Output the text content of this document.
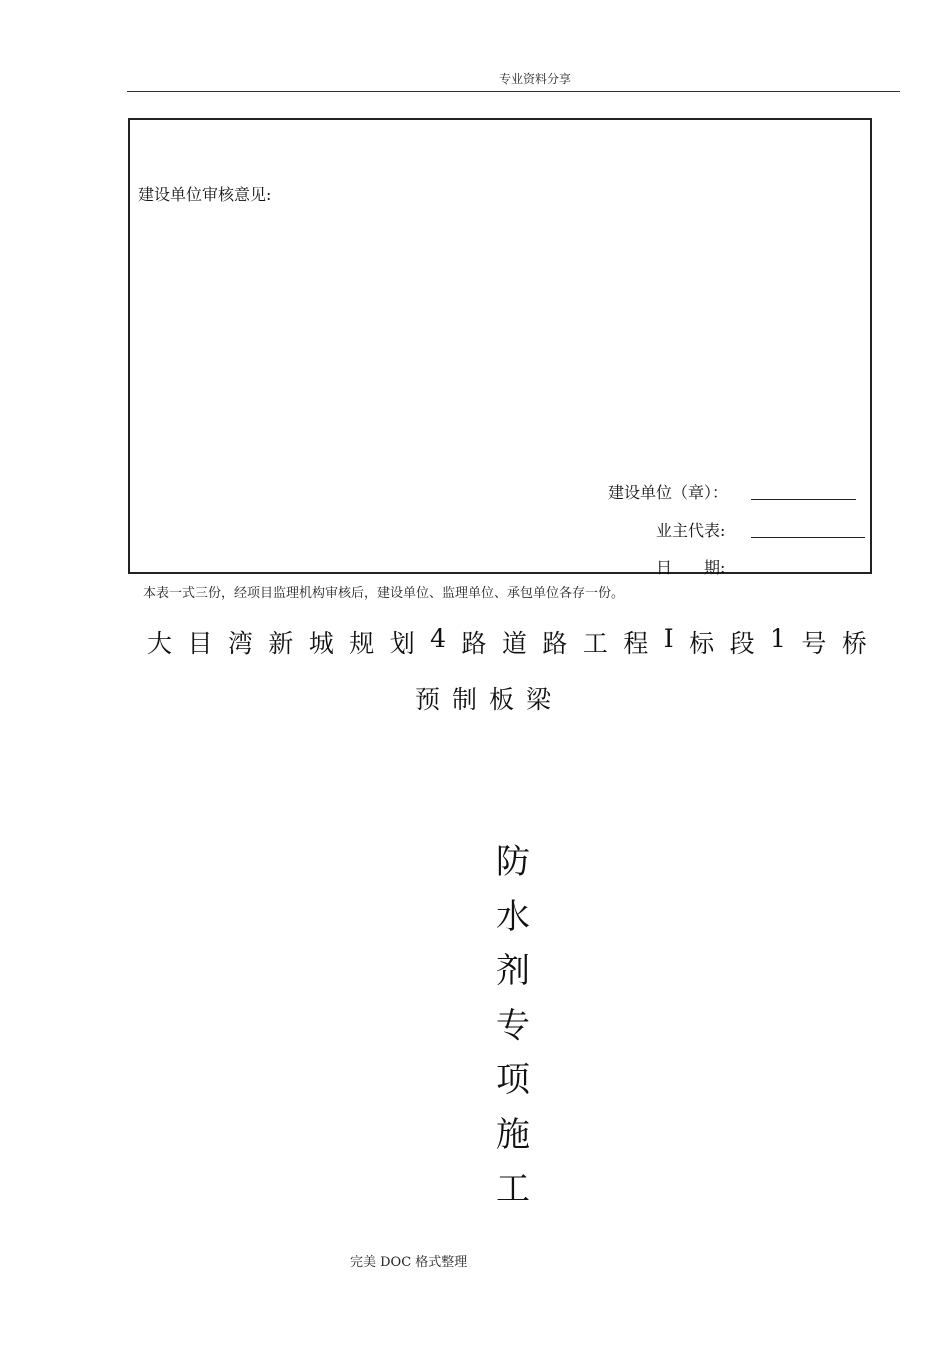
专业资料分享
建设单位审核意见:
建设单位（章）：
业主代表:
日　　期:
本表一式三份，经项目监理机构审核后，建设单位、监理单位、承包单位各存一份。
大 目 湾 新 城 规 划 4 路 道 路 工 程 I 标 段 1 号 桥
预制板梁
防
水
剂
专
项
施
工
完美 DOC 格式整理
